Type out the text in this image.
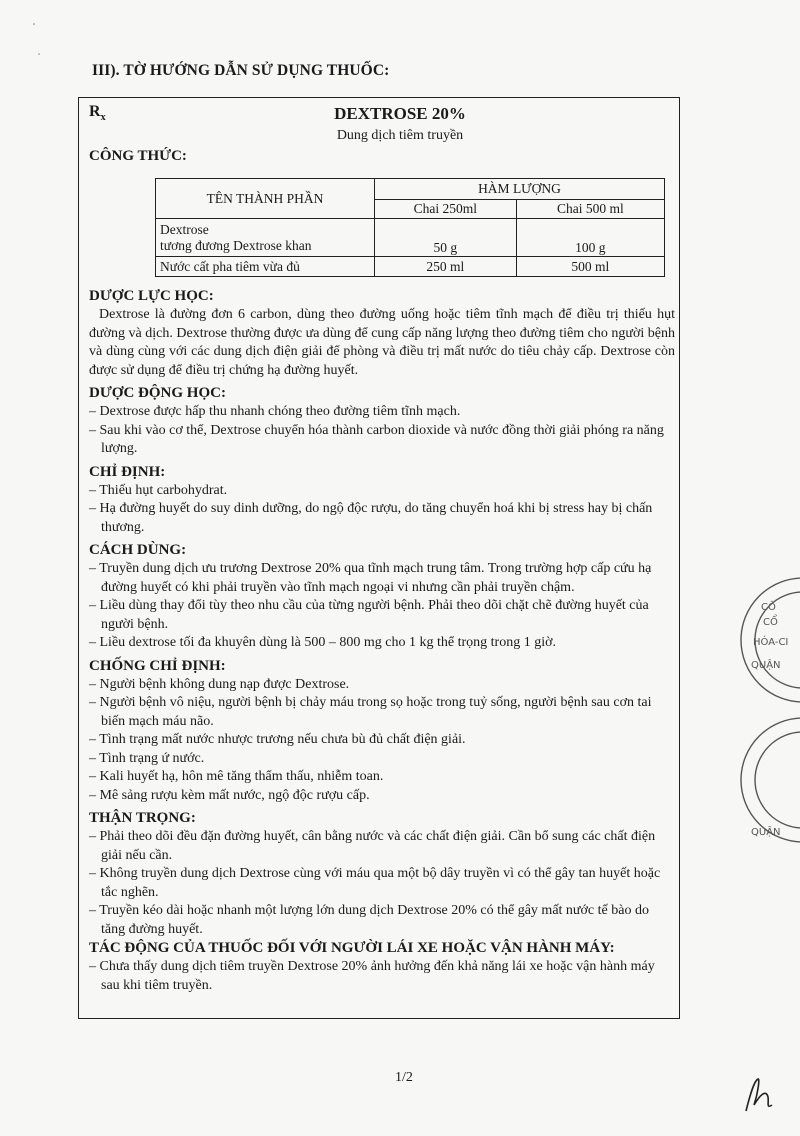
III). TỜ HƯỚNG DẪN SỬ DỤNG THUỐC:
$R_x$	DEXTROSE 20%
Dung dịch tiêm truyền
CÔNG THỨC:
TÊN THÀNH PHẦN	HÀM LƯỢNG	
	Chai 250ml	Chai 500 ml

Dextrose
tương đương Dextrose khan	50 g	100 g
Nước cất pha tiêm vừa đủ	250 ml	500 ml
DƯỢC LỰC HỌC:

Dextrose là đường đơn 6 carbon, dùng theo đường uống hoặc tiêm tĩnh mạch để điều trị thiếu hụt đường và dịch. Dextrose thường được ưa dùng để cung cấp năng lượng theo đường tiêm cho người bệnh và dùng cùng với các dung dịch điện giải để phòng và điều trị mất nước do tiêu chảy cấp. Dextrose còn được sử dụng để điều trị chứng hạ đường huyết.

DƯỢC ĐỘNG HỌC:

– Dextrose được hấp thu nhanh chóng theo đường tiêm tĩnh mạch.

– Sau khi vào cơ thể, Dextrose chuyển hóa thành carbon dioxide và nước đồng thời giải phóng ra năng lượng.

CHỈ ĐỊNH:

– Thiếu hụt carbohydrat.

– Hạ đường huyết do suy dinh dưỡng, do ngộ độc rượu, do tăng chuyển hoá khi bị stress hay bị chấn thương.

CÁCH DÙNG:

– Truyền dung dịch ưu trương Dextrose 20% qua tĩnh mạch trung tâm. Trong trường hợp cấp cứu hạ đường huyết có khi phải truyền vào tĩnh mạch ngoại vi nhưng cần phải truyền chậm.

– Liều dùng thay đổi tùy theo nhu cầu của từng người bệnh. Phải theo dõi chặt chẽ đường huyết của người bệnh.

– Liều dextrose tối đa khuyên dùng là 500 – 800 mg cho 1 kg thể trọng trong 1 giờ.

CHỐNG CHỈ ĐỊNH:

– Người bệnh không dung nạp được Dextrose.

– Người bệnh vô niệu, người bệnh bị chảy máu trong sọ hoặc trong tuỷ sống, người bệnh sau cơn tai biến mạch máu não.

– Tình trạng mất nước nhược trương nếu chưa bù đủ chất điện giải.

– Tình trạng ứ nước.

– Kali huyết hạ, hôn mê tăng thẩm thấu, nhiễm toan.

– Mê sảng rượu kèm mất nước, ngộ độc rượu cấp.

THẬN TRỌNG:

– Phải theo dõi đều đặn đường huyết, cân bằng nước và các chất điện giải. Cần bổ sung các chất điện giải nếu cần.

– Không truyền dung dịch Dextrose cùng với máu qua một bộ dây truyền vì có thể gây tan huyết hoặc tắc nghẽn.

– Truyền kéo dài hoặc nhanh một lượng lớn dung dịch Dextrose 20% có thể gây mất nước tế bào do tăng đường huyết.

TÁC ĐỘNG CỦA THUỐC ĐỐI VỚI NGƯỜI LÁI XE HOẶC VẬN HÀNH MÁY:

– Chưa thấy dung dịch tiêm truyền Dextrose 20% ảnh hưởng đến khả năng lái xe hoặc vận hành máy sau khi tiêm truyền.

1/2
CÔ
CỔ
HÓA-CI
QUẬN
QUẬN
